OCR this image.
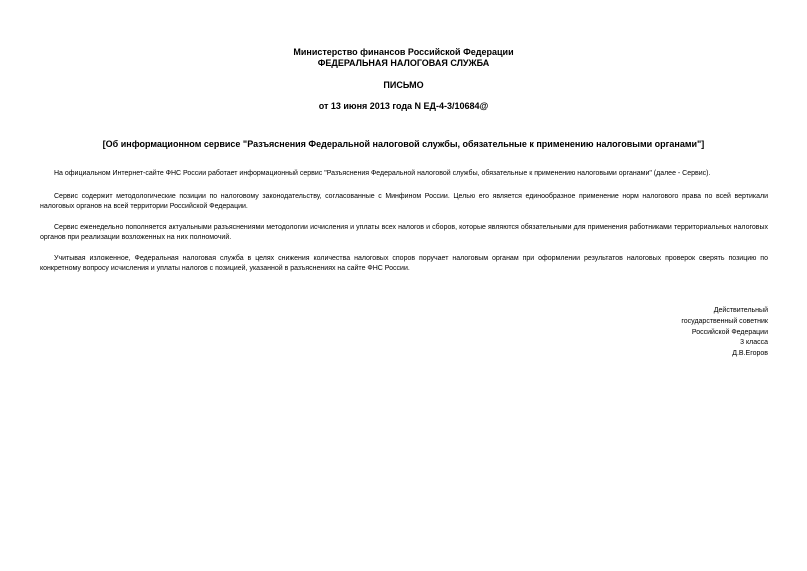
Министерство финансов Российской Федерации
ФЕДЕРАЛЬНАЯ НАЛОГОВАЯ СЛУЖБА
ПИСЬМО
от 13 июня 2013 года N ЕД-4-3/10684@
[Об информационном сервисе "Разъяснения Федеральной налоговой службы, обязательные к применению налоговыми органами"]

На официальном Интернет-сайте ФНС России работает информационный сервис "Разъяснения Федеральной налоговой службы, обязательные к применению налоговыми органами" (далее - Сервис).

Сервис содержит методологические позиции по налоговому законодательству, согласованные с Минфином России. Целью его является единообразное применение норм налогового права по всей вертикали налоговых органов на всей территории Российской Федерации.

Сервис еженедельно пополняется актуальными разъяснениями методологии исчисления и уплаты всех налогов и сборов, которые являются обязательными для применения работниками территориальных налоговых органов при реализации возложенных на них полномочий.

Учитывая изложенное, Федеральная налоговая служба в целях снижения количества налоговых споров поручает налоговым органам при оформлении результатов налоговых проверок сверять позицию по конкретному вопросу исчисления и уплаты налогов с позицией, указанной в разъяснениях на сайте ФНС России.

Действительный
государственный советник
Российской Федерации
3 класса
Д.В.Егоров
